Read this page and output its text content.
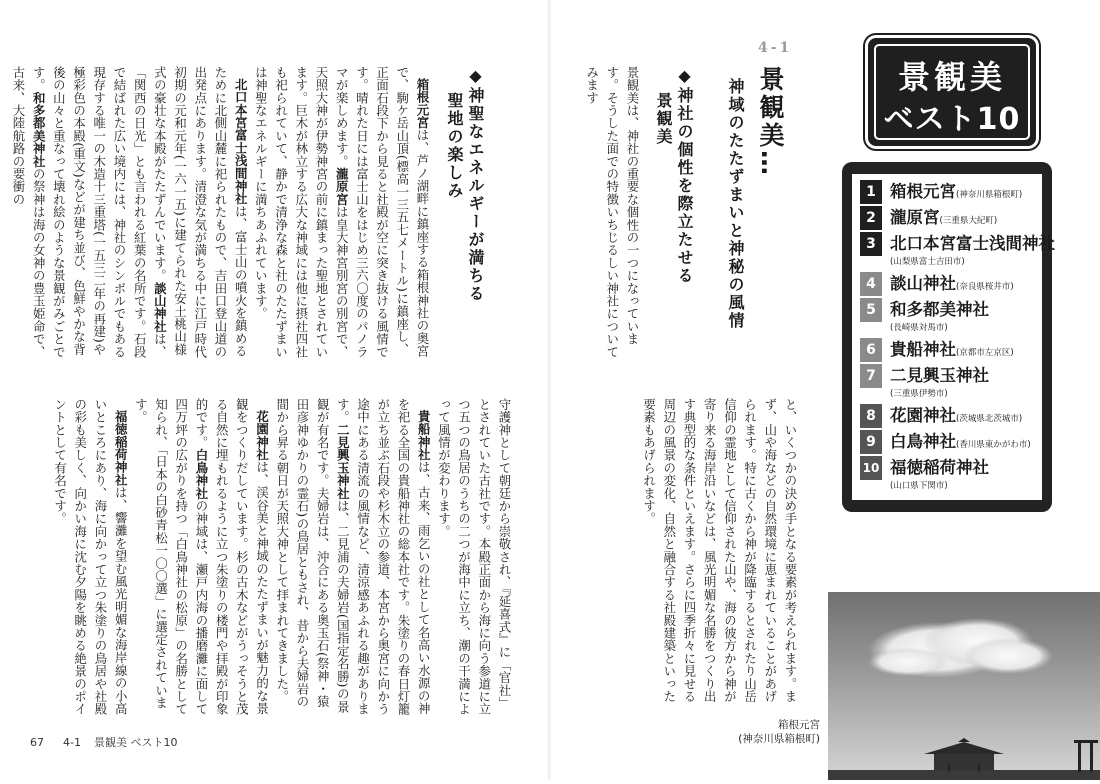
4-1
景観美…
神域のたたずまいと神秘の風情
◆神社の個性を際立たせる
景観美

景観美は、神社の重要な個性の一つになっています。そうした面での特徴いちじるしい神社についてみます

と、いくつかの決め手となる要素が考えられます。まず、山や海などの自然環境に恵まれていることがあげられます。特に古くから神が降臨するとされたり山岳信仰の霊地として信仰された山や、海の彼方から神が寄り来る海岸沿いなどは、風光明媚な名勝をつくり出す典型的な条件といえます。さらに四季折々に見せる周辺の風景の変化、自然と融合する社殿建築といった要素もあげられます。

景観美
ベスト10
1 箱根元宮(神奈川県箱根町)
2 瀧原宮(三重県大紀町)
3 北口本宮富士浅間神社
(山梨県富士吉田市)
4 談山神社(奈良県桜井市)
5 和多都美神社
(長崎県対馬市)
6 貴船神社(京都市左京区)
7 二見興玉神社
(三重県伊勢市)
8 花園神社(茨城県北茨城市)
9 白鳥神社(香川県東かがわ市)
10 福徳稲荷神社
(山口県下関市)
箱根元宮
(神奈川県箱根町)
◆神聖なエネルギーが満ちる
聖地の楽しみ

箱根元宮は、芦ノ湖畔に鎮座する箱根神社の奥宮で、駒ケ岳山頂(標高一三五七メートル)に鎮座し、正面石段下から見ると社殿が空に突き抜ける風情です。晴れた日には富士山をはじめ三六〇度のパノラマが楽しめます。瀧原宮は皇大神宮別宮の別宮で、天照大神が伊勢神宮の前に鎮まった聖地とされています。巨木が林立する広大な神域には他に摂社四社も祀られていて、静かで清浄な森と社のたたずまいは神聖なエネルギーに満ちあふれています。

北口本宮富士浅間神社は、富士山の噴火を鎮めるために北側山麓に祀られたもので、吉田口登山道の出発点にあります。清澄な気が満ちる中に江戸時代初期の元和元年(一六一五)に建てられた安土桃山様式の豪壮な本殿がたたずんでいます。談山神社は、「関西の日光」とも言われる紅葉の名所です。石段で結ばれた広い境内には、神社のシンボルでもある現存する唯一の木造十三重塔(一五三二年の再建)や極彩色の本殿(重文)などが建ち並び、色鮮やかな背後の山々と重なって壊れ絵のような景観がみごとです。和多都美神社の祭神は海の女神の豊玉姫命で、古来、大陸航路の要衝の

守護神として朝廷から崇敬され、『延喜式』に「官社」とされていた古社です。本殿正面から海に向う参道に立つ五つの鳥居のうちの二つが海中に立ち、潮の干満によって風情が変わります。

貴船神社は、古来、雨乞いの社として名高い水源の神を祀る全国の貴船神社の総本社です。朱塗りの春日灯籠が立ち並ぶ石段や杉木立の参道、本宮から奥宮に向かう途中にある清流の風情など、清涼感あふれる趣があります。二見興玉神社は、二見浦の夫婦岩(国指定名勝)の景観が有名です。夫婦岩は、沖合にある奥玉石(祭神・猿田彦神ゆかりの霊石)の鳥居ともされ、昔から夫婦岩の間から昇る朝日が天照大神として拝まれてきました。

花園神社は、渓谷美と神域のたたずまいが魅力的な景観をつくりだしています。杉の古木などがうっそうと茂る自然に埋もれるように立つ朱塗りの楼門や拝殿が印象的です。白鳥神社の神域は、瀬戸内海の播磨灘に面して四万坪の広がりを持つ「白鳥神社の松原」の名勝として知られ、「日本の白砂青松一〇〇選」に選定されています。

福徳稲荷神社は、響灘を望む風光明媚な海岸線の小高いところにあり、海に向かって立つ朱塗りの鳥居や社殿の彩も美しく、向かい海に沈む夕陽を眺める絶景のポイントとして有名です。

67 4-1 景観美 ベスト10
